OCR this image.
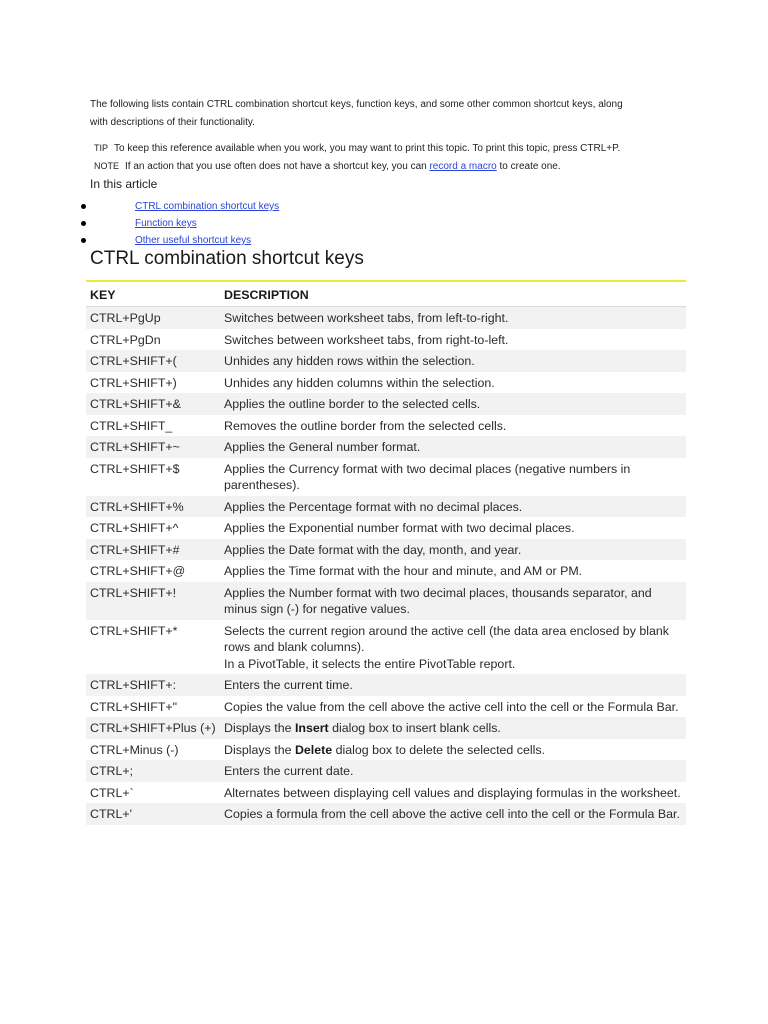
The following lists contain CTRL combination shortcut keys, function keys, and some other common shortcut keys, along
with descriptions of their functionality.
TIP To keep this reference available when you work, you may want to print this topic. To print this topic, press CTRL+P.
NOTE If an action that you use often does not have a shortcut key, you can record a macro to create one.
In this article
CTRL combination shortcut keys
Function keys
Other useful shortcut keys
CTRL combination shortcut keys
KEY	DESCRIPTION
CTRL+PgUp	Switches between worksheet tabs, from left-to-right.
CTRL+PgDn	Switches between worksheet tabs, from right-to-left.
CTRL+SHIFT+(	Unhides any hidden rows within the selection.
CTRL+SHIFT+)	Unhides any hidden columns within the selection.
CTRL+SHIFT+&	Applies the outline border to the selected cells.
CTRL+SHIFT_	Removes the outline border from the selected cells.
CTRL+SHIFT+~	Applies the General number format.
CTRL+SHIFT+$	Applies the Currency format with two decimal places (negative numbers in parentheses).
CTRL+SHIFT+%	Applies the Percentage format with no decimal places.
CTRL+SHIFT+^	Applies the Exponential number format with two decimal places.
CTRL+SHIFT+#	Applies the Date format with the day, month, and year.
CTRL+SHIFT+@	Applies the Time format with the hour and minute, and AM or PM.
CTRL+SHIFT+!	Applies the Number format with two decimal places, thousands separator, and minus sign (-) for negative values.
CTRL+SHIFT+*	Selects the current region around the active cell (the data area enclosed by blank rows and blank columns).
In a PivotTable, it selects the entire PivotTable report.
CTRL+SHIFT+:	Enters the current time.
CTRL+SHIFT+"	Copies the value from the cell above the active cell into the cell or the Formula Bar.
CTRL+SHIFT+Plus (+)	Displays the Insert dialog box to insert blank cells.
CTRL+Minus (-)	Displays the Delete dialog box to delete the selected cells.
CTRL+;	Enters the current date.
CTRL+`	Alternates between displaying cell values and displaying formulas in the worksheet.
CTRL+'	Copies a formula from the cell above the active cell into the cell or the Formula Bar.
